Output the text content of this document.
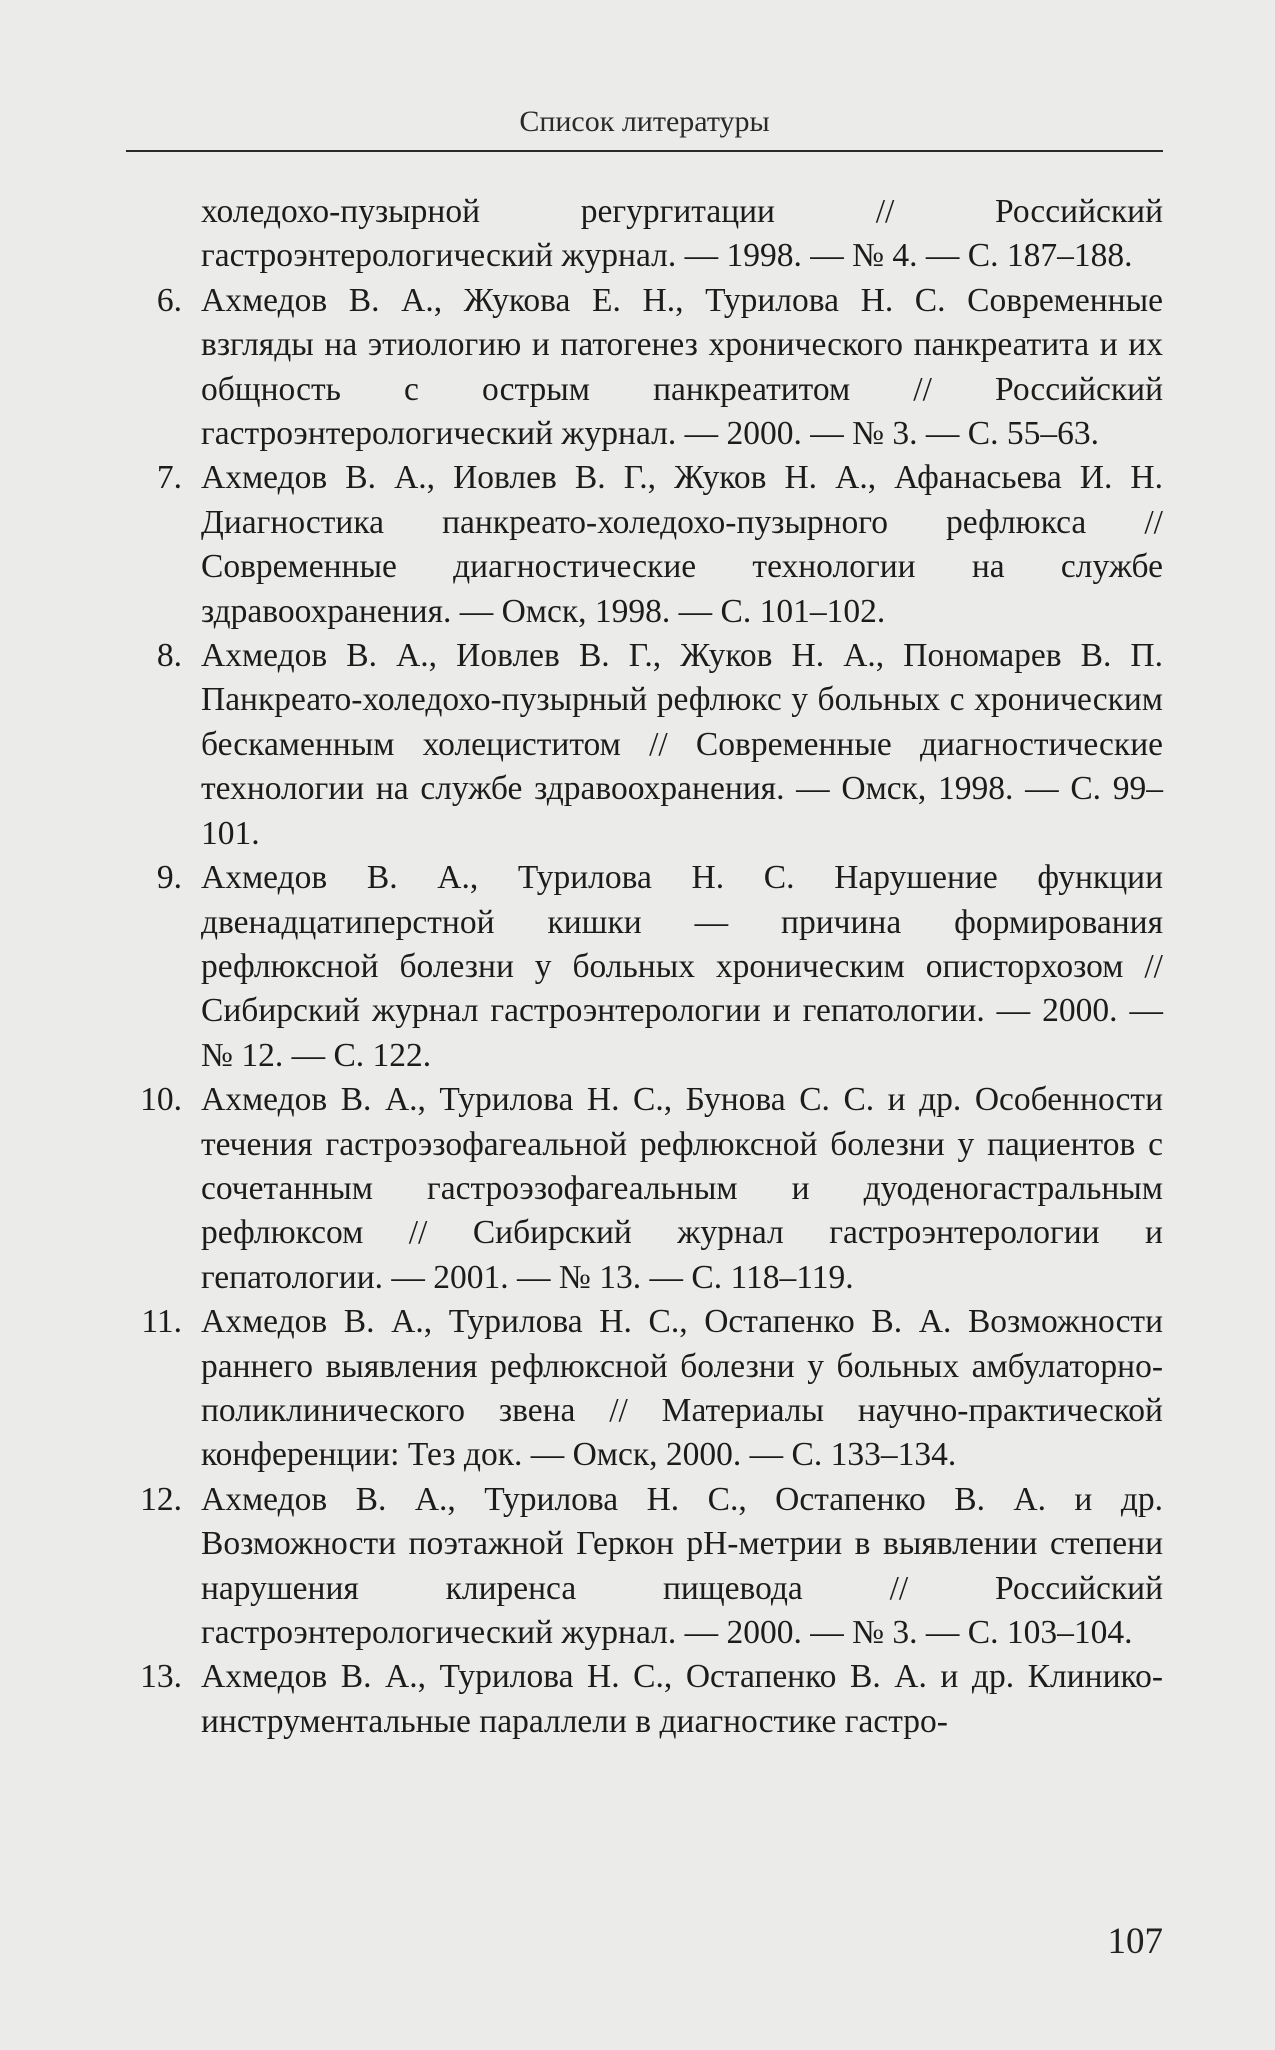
Список литературы
холедохо-пузырной регургитации // Российский гастроэнтерологический журнал. — 1998. — № 4. — С. 187–188.
6. Ахмедов В. А., Жукова Е. Н., Турилова Н. С. Современные взгляды на этиологию и патогенез хронического панкреатита и их общность с острым панкреатитом // Российский гастроэнтерологический журнал. — 2000. — № 3. — С. 55–63.
7. Ахмедов В. А., Иовлев В. Г., Жуков Н. А., Афанасьева И. Н. Диагностика панкреато-холедохо-пузырного рефлюкса // Современные диагностические технологии на службе здравоохранения. — Омск, 1998. — С. 101–102.
8. Ахмедов В. А., Иовлев В. Г., Жуков Н. А., Пономарев В. П. Панкреато-холедохо-пузырный рефлюкс у больных с хроническим бескаменным холециститом // Современные диагностические технологии на службе здравоохранения. — Омск, 1998. — С. 99–101.
9. Ахмедов В. А., Турилова Н. С. Нарушение функции двенадцатиперстной кишки — причина формирования рефлюксной болезни у больных хроническим описторхозом // Сибирский журнал гастроэнтерологии и гепатологии. — 2000. — № 12. — С. 122.
10. Ахмедов В. А., Турилова Н. С., Бунова С. С. и др. Особенности течения гастроэзофагеальной рефлюксной болезни у пациентов с сочетанным гастроэзофагеальным и дуоденогастральным рефлюксом // Сибирский журнал гастроэнтерологии и гепатологии. — 2001. — № 13. — С. 118–119.
11. Ахмедов В. А., Турилова Н. С., Остапенко В. А. Возможности раннего выявления рефлюксной болезни у больных амбулаторно-поликлинического звена // Материалы научно-практической конференции: Тез док. — Омск, 2000. — С. 133–134.
12. Ахмедов В. А., Турилова Н. С., Остапенко В. А. и др. Возможности поэтажной Геркон pH-метрии в выявлении степени нарушения клиренса пищевода // Российский гастроэнтерологический журнал. — 2000. — № 3. — С. 103–104.
13. Ахмедов В. А., Турилова Н. С., Остапенко В. А. и др. Клинико-инструментальные параллели в диагностике гастро-
107
